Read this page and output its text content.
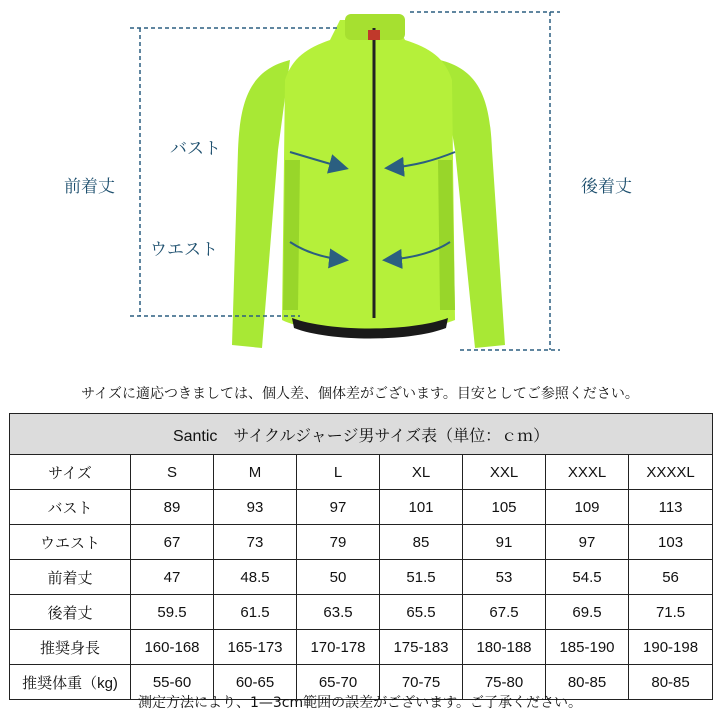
バスト
ウエスト
前着丈	後着丈
サイズに適応つきましては、個人差、個体差がございます。目安としてご参照ください。
Santic　サイクルジャージ男サイズ表（単位：ｃｍ）							
サイズ	S	M	L	XL	XXL	XXXL	XXXXL
バスト	89	93	97	101	105	109	113
ウエスト	67	73	79	85	91	97	103
前着丈	47	48.5	50	51.5	53	54.5	56
後着丈	59.5	61.5	63.5	65.5	67.5	69.5	71.5
推奨身長	160-168	165-173	170-178	175-183	180-188	185-190	190-198
推奨体重（kg)	55-60	60-65	65-70	70-75	75-80	80-85	80-85
測定方法により、1—3cm範囲の誤差がございます。ご了承ください。
